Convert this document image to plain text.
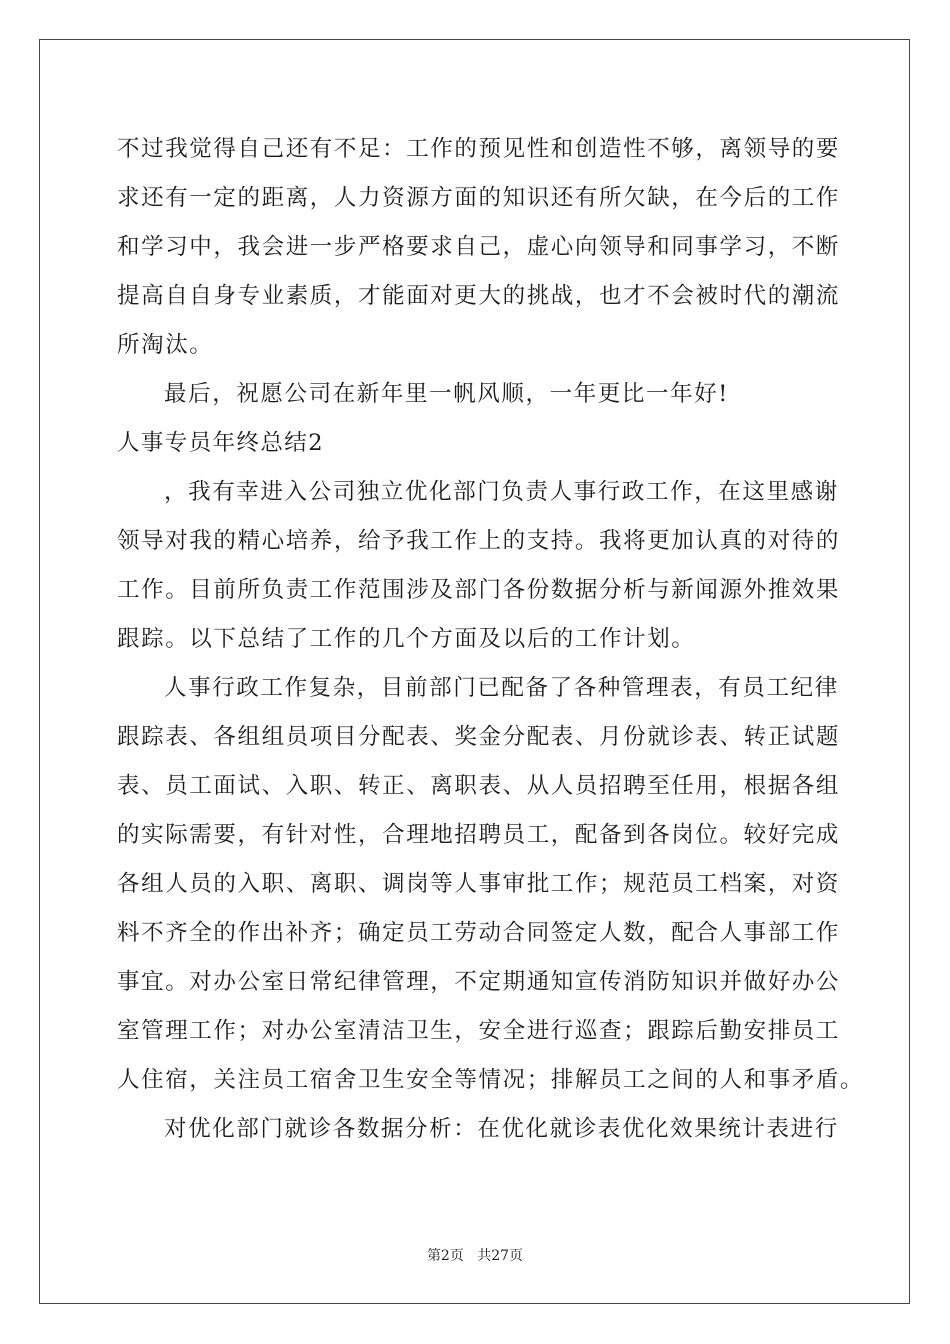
不过我觉得自己还有不足：工作的预见性和创造性不够，离领导的要
求还有一定的距离，人力资源方面的知识还有所欠缺，在今后的工作
和学习中，我会进一步严格要求自己，虚心向领导和同事学习，不断
提高自自身专业素质，才能面对更大的挑战，也才不会被时代的潮流
所淘汰。
最后，祝愿公司在新年里一帆风顺，一年更比一年好!
人事专员年终总结2
，我有幸进入公司独立优化部门负责人事行政工作，在这里感谢
领导对我的精心培养，给予我工作上的支持。我将更加认真的对待的
工作。目前所负责工作范围涉及部门各份数据分析与新闻源外推效果
跟踪。以下总结了工作的几个方面及以后的工作计划。
人事行政工作复杂，目前部门已配备了各种管理表，有员工纪律
跟踪表、各组组员项目分配表、奖金分配表、月份就诊表、转正试题
表、员工面试、入职、转正、离职表、从人员招聘至任用，根据各组
的实际需要，有针对性，合理地招聘员工，配备到各岗位。较好完成
各组人员的入职、离职、调岗等人事审批工作；规范员工档案，对资
料不齐全的作出补齐；确定员工劳动合同签定人数，配合人事部工作
事宜。对办公室日常纪律管理，不定期通知宣传消防知识并做好办公
室管理工作；对办公室清洁卫生，安全进行巡查；跟踪后勤安排员工
人住宿，关注员工宿舍卫生安全等情况；排解员工之间的人和事矛盾。
对优化部门就诊各数据分析：在优化就诊表优化效果统计表进行
第2页 共27页
